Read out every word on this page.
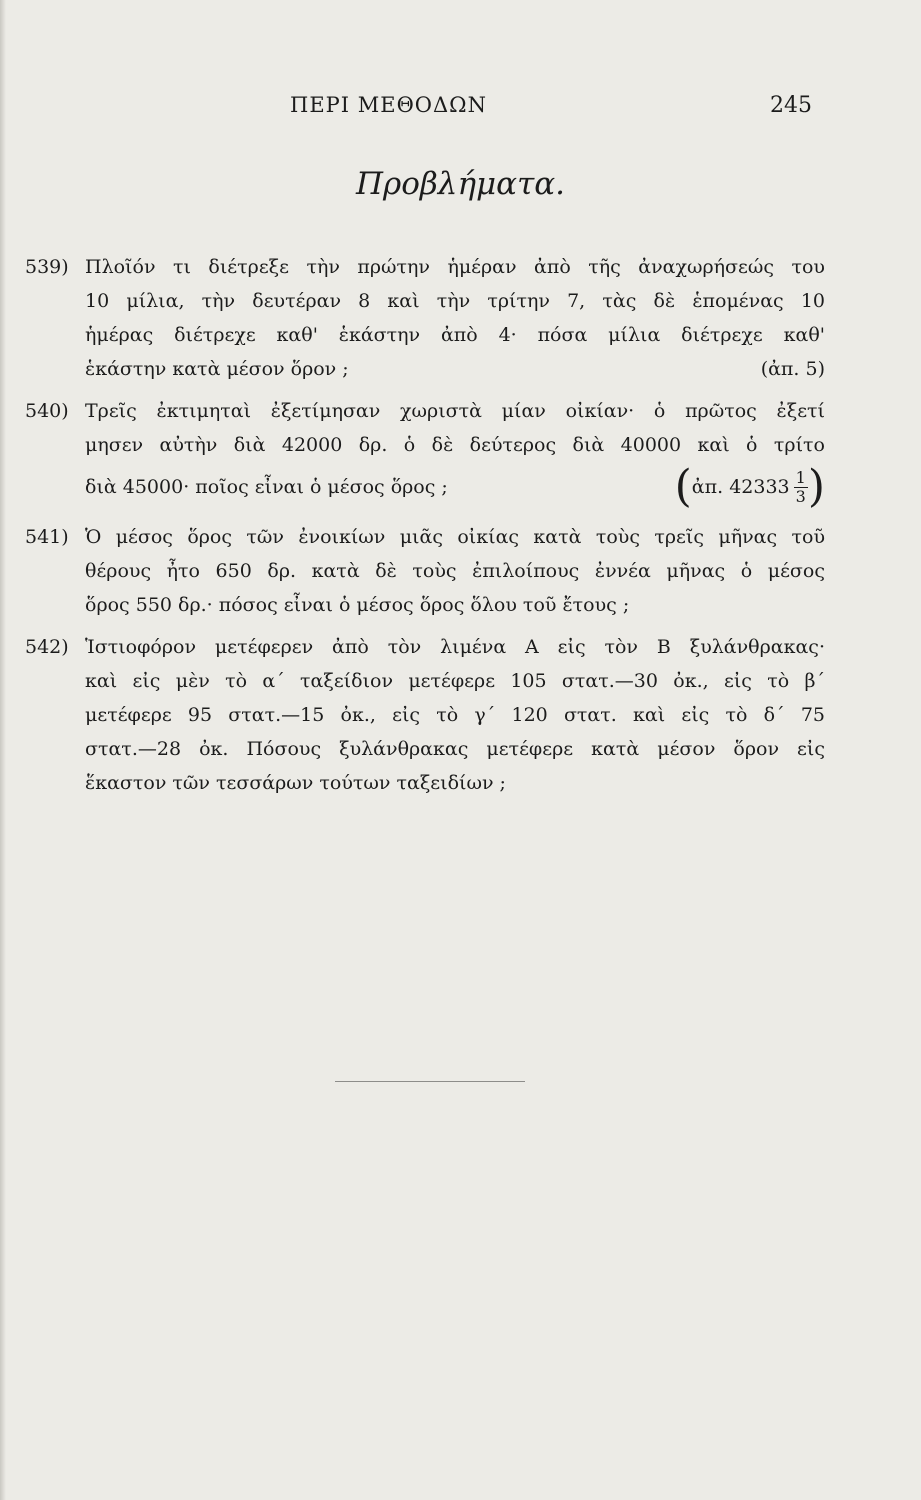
ΠΕΡΙ ΜΕΘΟΔΩΝ	245
Προβλήματα.
539) Πλοῖόν τι διέτρεξε τὴν πρώτην ἡμέραν ἀπὸ τῆς ἀναχωρήσεώς του
10 μίλια, τὴν δευτέραν 8 καὶ τὴν τρίτην 7, τὰς δὲ ἑπομένας 10
ἡμέρας διέτρεχε καθ' ἑκάστην ἀπὸ 4· πόσα μίλια διέτρεχε καθ'
ἑκάστην κατὰ μέσον ὅρον ;	(ἀπ. 5)
540) Τρεῖς ἐκτιμηταὶ ἐξετίμησαν χωριστὰ μίαν οἰκίαν· ὁ πρῶτος ἐξετί
μησεν αὐτὴν διὰ 42000 δρ. ὁ δὲ δεύτερος διὰ 40000 καὶ ὁ τρίτο
διὰ 45000· ποῖος εἶναι ὁ μέσος ὅρος ;	( ἀπ. $42333 \frac{1}{3}$ )
541) Ὁ μέσος ὅρος τῶν ἐνοικίων μιᾶς οἰκίας κατὰ τοὺς τρεῖς μῆνας τοῦ
θέρους ἦτο 650 δρ. κατὰ δὲ τοὺς ἐπιλοίπους ἐννέα μῆνας ὁ μέσος
ὅρος 550 δρ.· πόσος εἶναι ὁ μέσος ὅρος ὅλου τοῦ ἔτους ;
542) Ἱστιοφόρον μετέφερεν ἀπὸ τὸν λιμένα Α εἰς τὸν Β ξυλάνθρακας·
καὶ εἰς μὲν τὸ α΄ ταξείδιον μετέφερε 105 στατ.—30 ὀκ., εἰς τὸ β΄
μετέφερε 95 στατ.—15 ὀκ., εἰς τὸ γ΄ 120 στατ. καὶ εἰς τὸ δ΄ 75
στατ.—28 ὀκ. Πόσους ξυλάνθρακας μετέφερε κατὰ μέσον ὅρον εἰς
ἕκαστον τῶν τεσσάρων τούτων ταξειδίων ;
